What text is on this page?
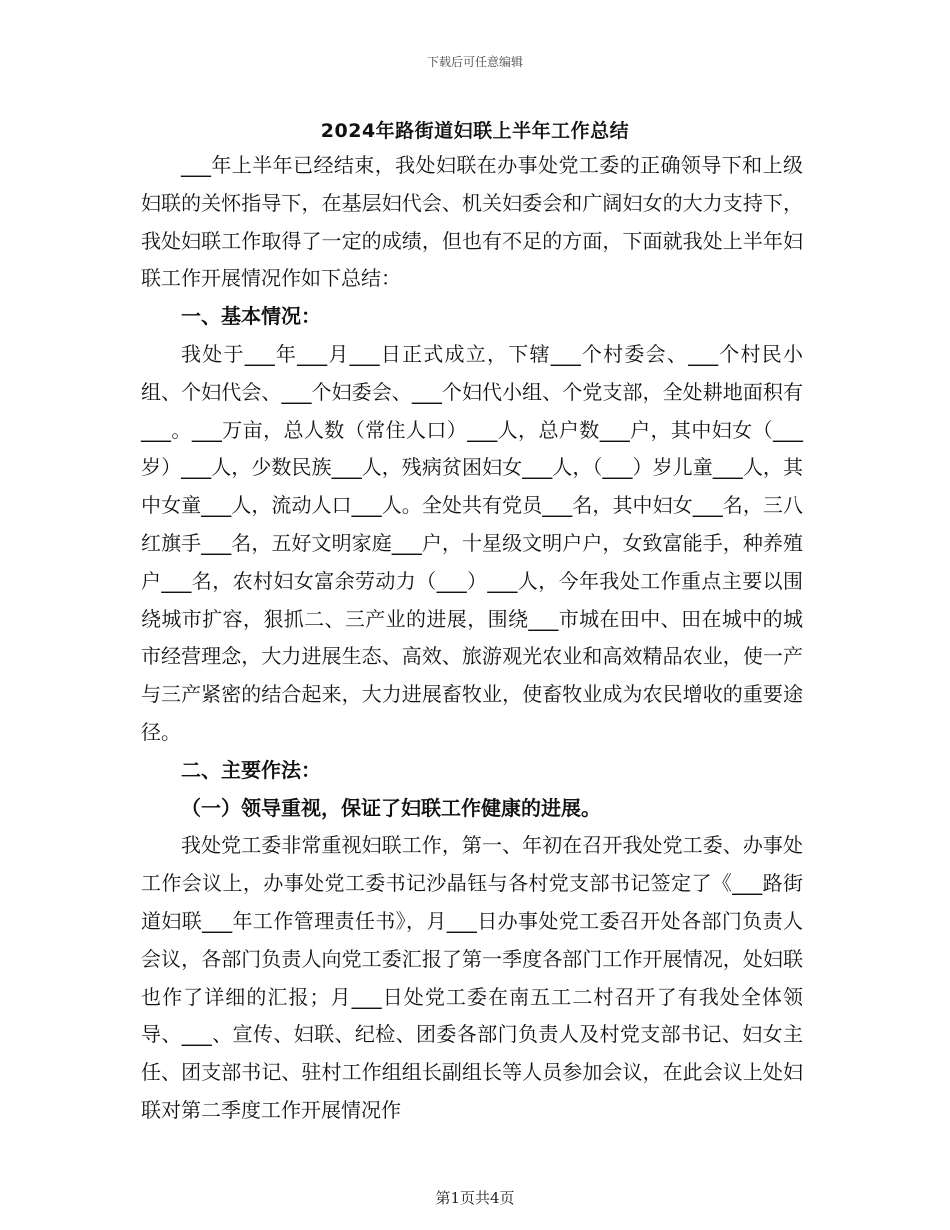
下载后可任意编辑
2024年路街道妇联上半年工作总结

___年上半年已经结束，我处妇联在办事处党工委的正确领导下和上级妇联的关怀指导下，在基层妇代会、机关妇委会和广阔妇女的大力支持下，我处妇联工作取得了一定的成绩，但也有不足的方面，下面就我处上半年妇联工作开展情况作如下总结：

一、基本情况：

我处于___年___月___日正式成立，下辖___个村委会、___个村民小组、个妇代会、___个妇委会、___个妇代小组、个党支部，全处耕地面积有___。___万亩，总人数（常住人口）___人，总户数___户，其中妇女（___岁）___人，少数民族___人，残病贫困妇女___人，（___）岁儿童___人，其中女童___人，流动人口___人。全处共有党员___名，其中妇女___名，三八红旗手___名，五好文明家庭___户，十星级文明户户，女致富能手，种养殖户___名，农村妇女富余劳动力（___）___人，今年我处工作重点主要以围绕城市扩容，狠抓二、三产业的进展，围绕___市城在田中、田在城中的城市经营理念，大力进展生态、高效、旅游观光农业和高效精品农业，使一产与三产紧密的结合起来，大力进展畜牧业，使畜牧业成为农民增收的重要途径。

二、主要作法：

（一）领导重视，保证了妇联工作健康的进展。

我处党工委非常重视妇联工作，第一、年初在召开我处党工委、办事处工作会议上，办事处党工委书记沙晶钰与各村党支部书记签定了《___路街道妇联___年工作管理责任书》，月___日办事处党工委召开处各部门负责人会议，各部门负责人向党工委汇报了第一季度各部门工作开展情况，处妇联也作了详细的汇报；月___日处党工委在南五工二村召开了有我处全体领导、___、宣传、妇联、纪检、团委各部门负责人及村党支部书记、妇女主任、团支部书记、驻村工作组组长副组长等人员参加会议，在此会议上处妇联对第二季度工作开展情况作

第1页共4页
